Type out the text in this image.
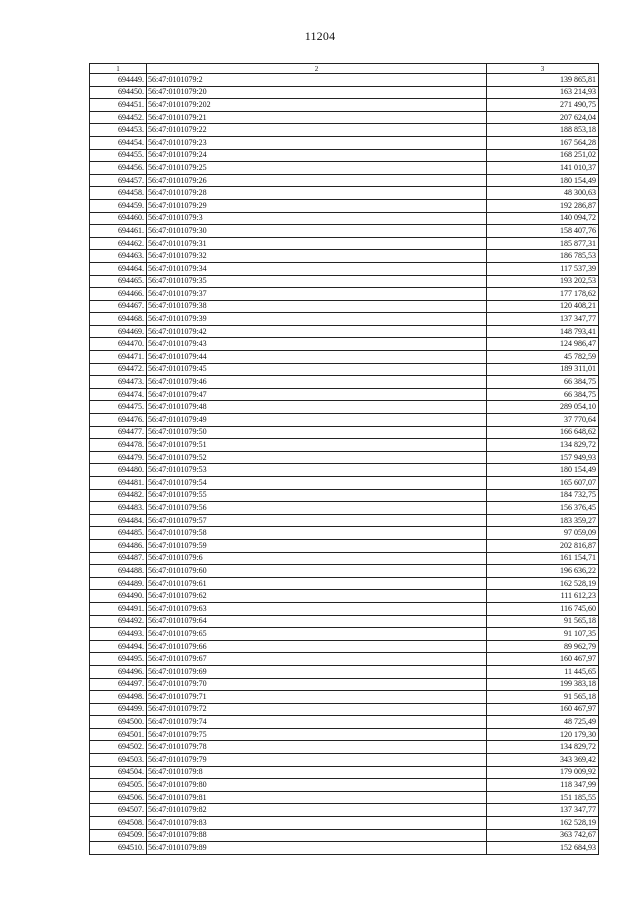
11204
1	2	3
694449.	56:47:0101079:2	139 865,81
694450.	56:47:0101079:20	163 214,93
694451.	56:47:0101079:202	271 490,75
694452.	56:47:0101079:21	207 624,04
694453.	56:47:0101079:22	188 853,18
694454.	56:47:0101079:23	167 564,28
694455.	56:47:0101079:24	168 251,02
694456.	56:47:0101079:25	141 010,37
694457.	56:47:0101079:26	180 154,49
694458.	56:47:0101079:28	48 300,63
694459.	56:47:0101079:29	192 286,87
694460.	56:47:0101079:3	140 094,72
694461.	56:47:0101079:30	158 407,76
694462.	56:47:0101079:31	185 877,31
694463.	56:47:0101079:32	186 785,53
694464.	56:47:0101079:34	117 537,39
694465.	56:47:0101079:35	193 202,53
694466.	56:47:0101079:37	177 178,62
694467.	56:47:0101079:38	120 408,21
694468.	56:47:0101079:39	137 347,77
694469.	56:47:0101079:42	148 793,41
694470.	56:47:0101079:43	124 986,47
694471.	56:47:0101079:44	45 782,59
694472.	56:47:0101079:45	189 311,01
694473.	56:47:0101079:46	66 384,75
694474.	56:47:0101079:47	66 384,75
694475.	56:47:0101079:48	289 054,10
694476.	56:47:0101079:49	37 770,64
694477.	56:47:0101079:50	166 648,62
694478.	56:47:0101079:51	134 829,72
694479.	56:47:0101079:52	157 949,93
694480.	56:47:0101079:53	180 154,49
694481.	56:47:0101079:54	165 607,07
694482.	56:47:0101079:55	184 732,75
694483.	56:47:0101079:56	156 376,45
694484.	56:47:0101079:57	183 359,27
694485.	56:47:0101079:58	97 059,09
694486.	56:47:0101079:59	202 816,87
694487.	56:47:0101079:6	161 154,71
694488.	56:47:0101079:60	196 636,22
694489.	56:47:0101079:61	162 528,19
694490.	56:47:0101079:62	111 612,23
694491.	56:47:0101079:63	116 745,60
694492.	56:47:0101079:64	91 565,18
694493.	56:47:0101079:65	91 107,35
694494.	56:47:0101079:66	89 962,79
694495.	56:47:0101079:67	160 467,97
694496.	56:47:0101079:69	11 445,65
694497.	56:47:0101079:70	199 383,18
694498.	56:47:0101079:71	91 565,18
694499.	56:47:0101079:72	160 467,97
694500.	56:47:0101079:74	48 725,49
694501.	56:47:0101079:75	120 179,30
694502.	56:47:0101079:78	134 829,72
694503.	56:47:0101079:79	343 369,42
694504.	56:47:0101079:8	179 009,92
694505.	56:47:0101079:80	118 347,99
694506.	56:47:0101079:81	151 185,55
694507.	56:47:0101079:82	137 347,77
694508.	56:47:0101079:83	162 528,19
694509.	56:47:0101079:88	363 742,67
694510.	56:47:0101079:89	152 684,93
